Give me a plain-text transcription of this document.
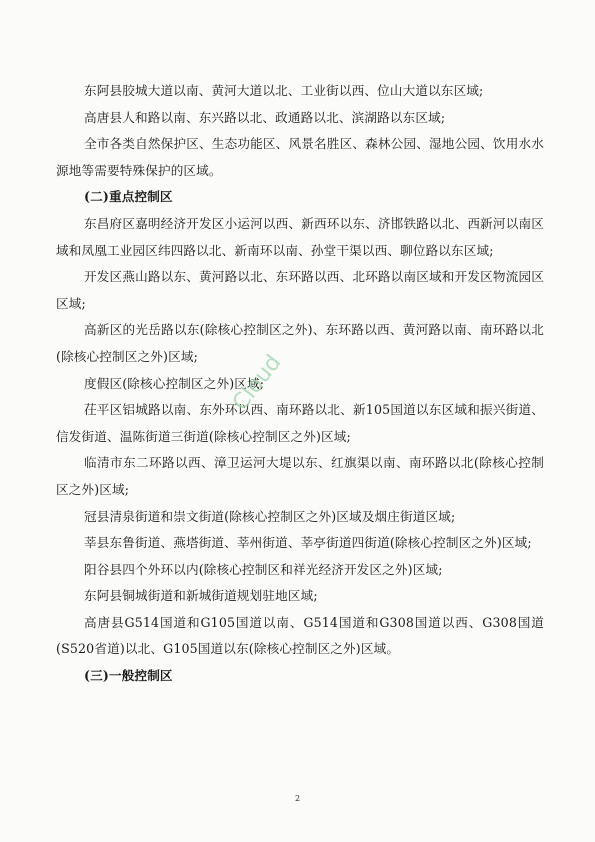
东阿县胶城大道以南、黄河大道以北、工业街以西、位山大道以东区域;

高唐县人和路以南、东兴路以北、政通路以北、滨湖路以东区域;

全市各类自然保护区、生态功能区、风景名胜区、森林公园、湿地公园、饮用水水源地等需要特殊保护的区域。

(二)重点控制区

东昌府区嘉明经济开发区小运河以西、新西环以东、济邯铁路以北、西新河以南区域和凤凰工业园区纬四路以北、新南环以南、孙堂干渠以西、聊位路以东区域;

开发区燕山路以东、黄河路以北、东环路以西、北环路以南区域和开发区物流园区区域;

高新区的光岳路以东(除核心控制区之外)、东环路以西、黄河路以南、南环路以北(除核心控制区之外)区域;

度假区(除核心控制区之外)区域;

茌平区铝城路以南、东外环以西、南环路以北、新105国道以东区域和振兴街道、信发街道、温陈街道三街道(除核心控制区之外)区域;

临清市东二环路以西、漳卫运河大堤以东、红旗渠以南、南环路以北(除核心控制区之外)区域;

冠县清泉街道和崇文街道(除核心控制区之外)区域及烟庄街道区域;

莘县东鲁街道、燕塔街道、莘州街道、莘亭街道四街道(除核心控制区之外)区域;

阳谷县四个外环以内(除核心控制区和祥光经济开发区之外)区域;

东阿县铜城街道和新城街道规划驻地区域;

高唐县G514国道和G105国道以南、G514国道和G308国道以西、G308国道(S520省道)以北、G105国道以东(除核心控制区之外)区域。

(三)一般控制区

Cloud
2
